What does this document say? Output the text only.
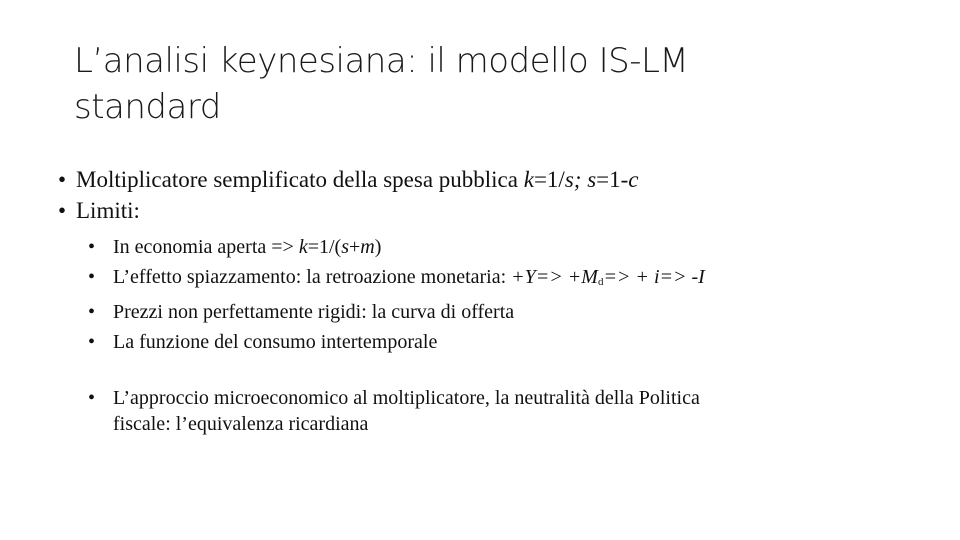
L’analisi keynesiana: il modello IS-LM
standard

• Moltiplicatore semplificato della spesa pubblica k=1/s; s=1-c

• Limiti:

• In economia aperta => k=1/(s+m)

• L’effetto spiazzamento: la retroazione monetaria: $+Y=> +M_d=> + i=> -I$

• Prezzi non perfettamente rigidi: la curva di offerta

• La funzione del consumo intertemporale

• L’approccio microeconomico al moltiplicatore, la neutralità della Politica
fiscale: l’equivalenza ricardiana
